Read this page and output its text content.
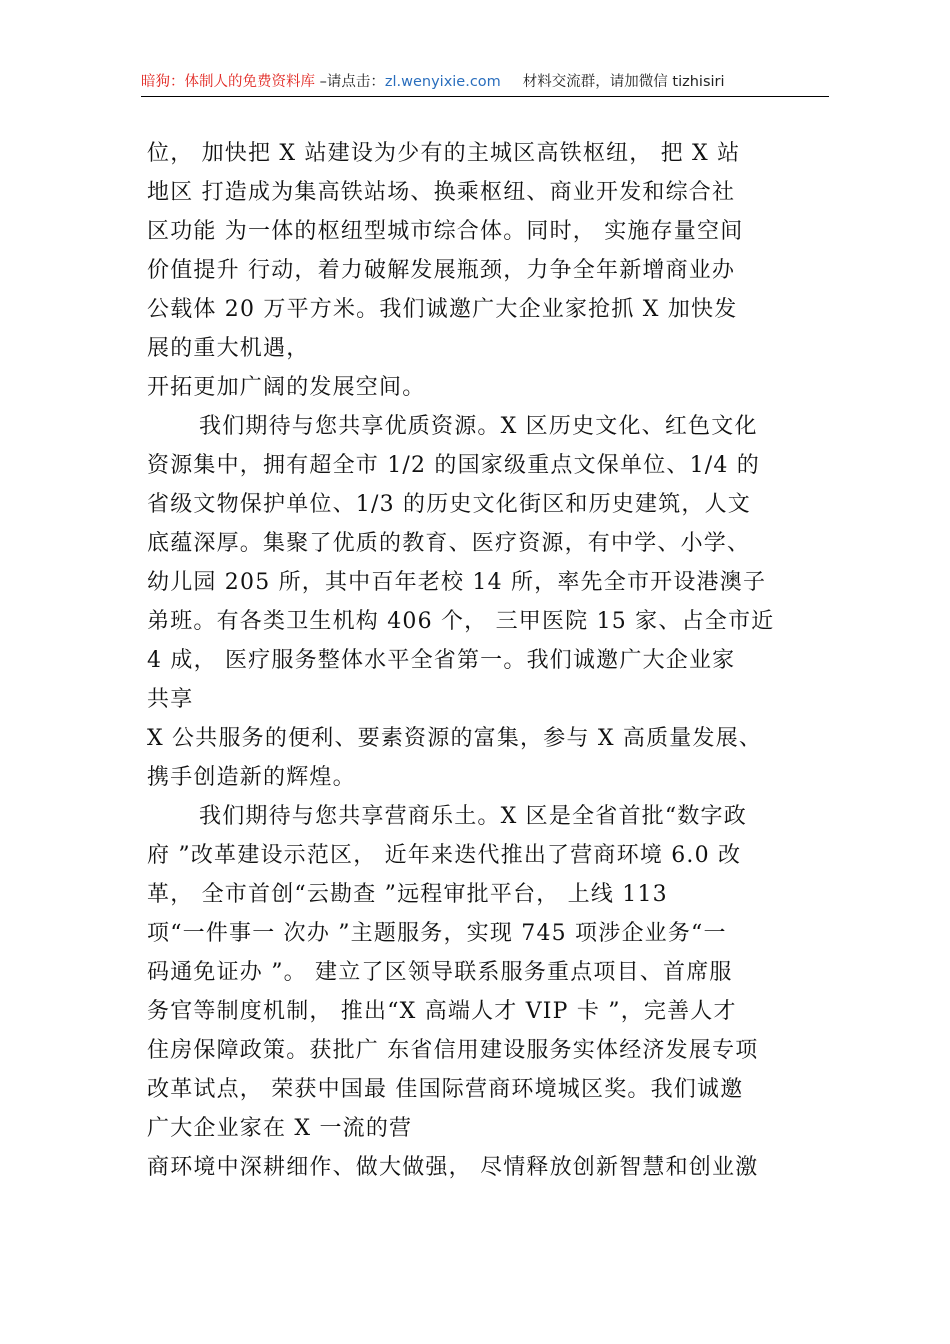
暗狗：体制人的免费资料库 –请点击：zl.wenyixie.com 材料交流群，请加微信 tizhisiri
位， 加快把 X 站建设为少有的主城区高铁枢纽， 把 X 站
地区 打造成为集高铁站场、换乘枢纽、商业开发和综合社
区功能 为一体的枢纽型城市综合体。同时， 实施存量空间
价值提升 行动，着力破解发展瓶颈，力争全年新增商业办
公载体 20 万平方米。我们诚邀广大企业家抢抓 X 加快发
展的重大机遇，
开拓更加广阔的发展空间。
我们期待与您共享优质资源。X 区历史文化、红色文化
资源集中，拥有超全市 1/2 的国家级重点文保单位、1/4 的
省级文物保护单位、1/3 的历史文化街区和历史建筑，人文
底蕴深厚。集聚了优质的教育、医疗资源，有中学、小学、
幼儿园 205 所，其中百年老校 14 所，率先全市开设港澳子
弟班。有各类卫生机构 406 个， 三甲医院 15 家、占全市近
4 成， 医疗服务整体水平全省第一。我们诚邀广大企业家
共享
X 公共服务的便利、要素资源的富集，参与 X 高质量发展、
携手创造新的辉煌。
我们期待与您共享营商乐土。X 区是全省首批“数字政
府 ”改革建设示范区， 近年来迭代推出了营商环境 6.0 改
革， 全市首创“云勘查 ”远程审批平台， 上线 113
项“一件事一 次办 ”主题服务，实现 745 项涉企业务“一
码通免证办 ”。 建立了区领导联系服务重点项目、首席服
务官等制度机制， 推出“X 高端人才 VIP 卡 ”，完善人才
住房保障政策。获批广 东省信用建设服务实体经济发展专项
改革试点， 荣获中国最 佳国际营商环境城区奖。我们诚邀
广大企业家在 X 一流的营
商环境中深耕细作、做大做强， 尽情释放创新智慧和创业激
